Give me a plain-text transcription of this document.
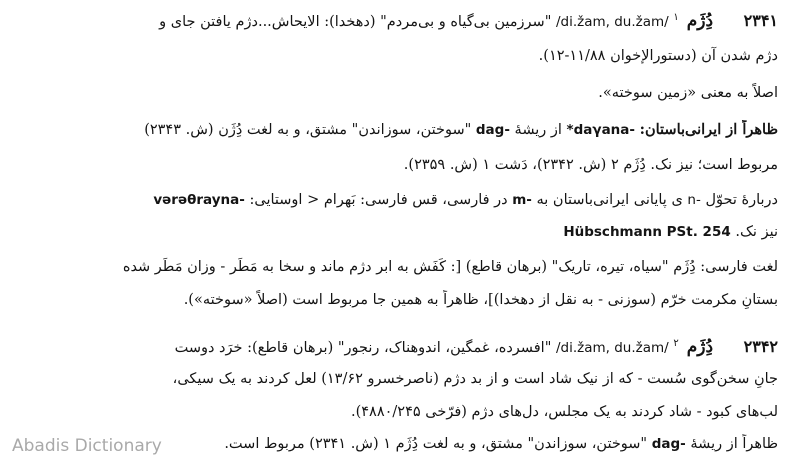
۲۳۴۱ دُِژَم$^۱$ /di.žam, du.žam/ "سرزمین بی‌گیاه و بی‌مردم" (دهخدا): الایحاش...دژم یافتن جای و
دژم شدن آن (دستورالإخوان ۱۱/۸۸-۱۲).
اصلاً به معنی «زمین سوخته».
ظاهراً از ایرانی‌باستان: *daγana- از ریشهٔ dag- "سوختن، سوزاندن" مشتق، و به لغت دُِژَن (ش. ۲۳۴۳)
مربوط است؛ نیز نک. دُِژَم ۲ (ش. ۲۳۴۲)، دَشت ۱ (ش. ۲۳۵۹).
دربارهٔ تحوّل n- ی پایانی ایرانی‌باستان به m- در فارسی، قس فارسی: بَهرام < اوستایی: vərəθrayna-
نیز نک. Hübschmann PSt. 254
لغت فارسی: دُِژَم "سیاه، تیره، تاریک" (برهان قاطع) [: کَفَش به ابر دژم ماند و سخا به مَطَر - وزان مَطَر شده
بستانِ مکرمت خرّم (سوزنی - به نقل از دهخدا)]، ظاهراً به همین جا مربوط است (اصلاً «سوخته»).
۲۳۴۲ دُِژَم$^۲$ /di.žam, du.žam/ "افسرده، غمگین، اندوهناک، رنجور" (برهان قاطع): خرَد دوست
جانِ سخن‌گوی سُست - که از نیک شاد است و از بد دژم (ناصرخسرو ۱۳/۶۲) لعل کردند به یک سیکی،
لب‌های کبود - شاد کردند به یک مجلس، دل‌های دژم (فرّخی ۴۸۸۰/۲۴۵).
ظاهراً از ریشهٔ dag- "سوختن، سوزاندن" مشتق، و به لغت دُِژَم ۱ (ش. ۲۳۴۱) مربوط است.
Abadis Dictionary
